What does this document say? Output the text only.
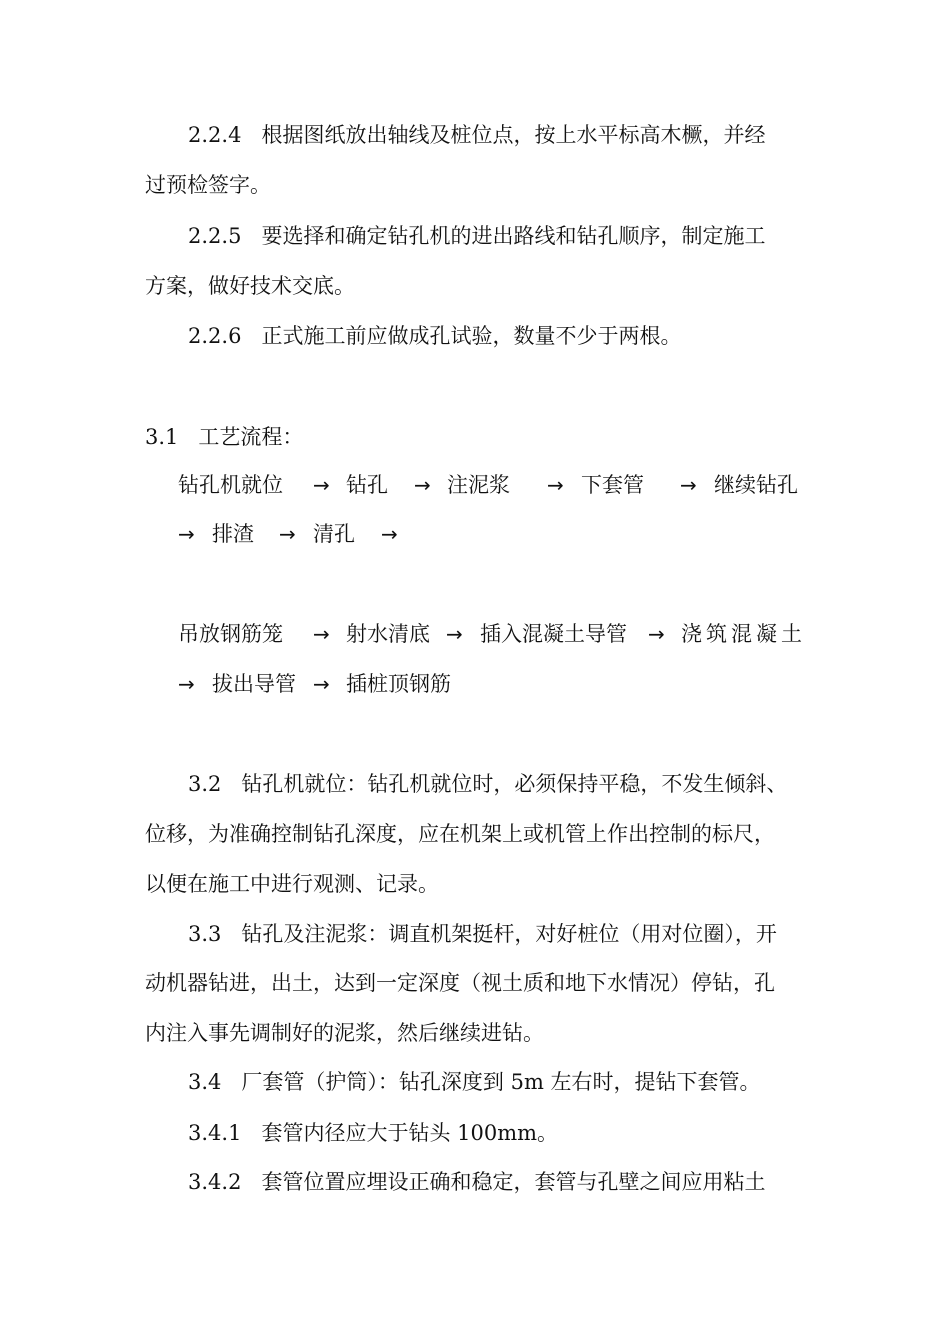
2.2.4   根据图纸放出轴线及桩位点，按上水平标高木橛，并经
过预检签字。
2.2.5   要选择和确定钻孔机的进出路线和钻孔顺序，制定施工
方案，做好技术交底。
2.2.6   正式施工前应做成孔试验，数量不少于两根。
3.1   工艺流程：
钻孔机就位 → 钻孔 → 注泥浆 → 下套管 → 继续钻孔
→ 排渣 → 清孔 →
吊放钢筋笼 → 射水清底 → 插入混凝土导管 → 浇筑混凝土
→ 拔出导管 → 插桩顶钢筋
3.2   钻孔机就位：钻孔机就位时，必须保持平稳，不发生倾斜、
位移，为准确控制钻孔深度，应在机架上或机管上作出控制的标尺，
以便在施工中进行观测、记录。
3.3   钻孔及注泥浆：调直机架挺杆，对好桩位（用对位圈），开
动机器钻进，出土，达到一定深度（视土质和地下水情况）停钻，孔
内注入事先调制好的泥浆，然后继续进钻。
3.4   厂套管（护筒）：钻孔深度到 5m 左右时，提钻下套管。
3.4.1   套管内径应大于钻头 100mm。
3.4.2   套管位置应埋设正确和稳定，套管与孔壁之间应用粘土
